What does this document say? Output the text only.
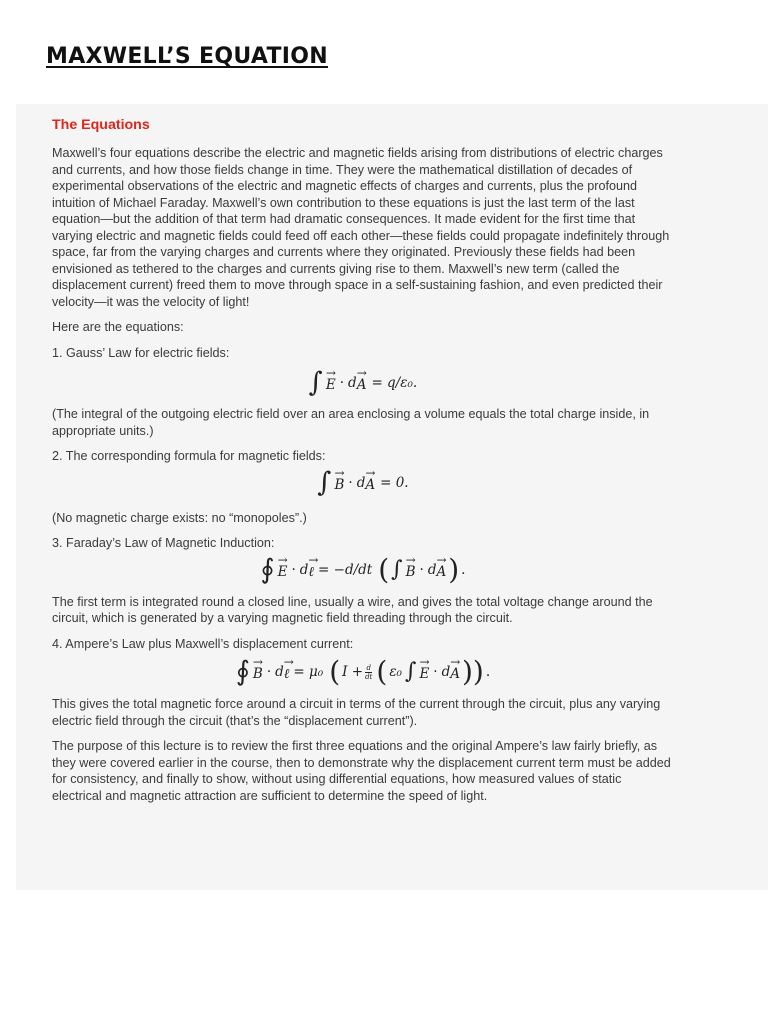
MAXWELL’S EQUATION
The Equations

Maxwell’s four equations describe the electric and magnetic fields arising from distributions of electric charges and currents, and how those fields change in time. They were the mathematical distillation of decades of experimental observations of the electric and magnetic effects of charges and currents, plus the profound intuition of Michael Faraday. Maxwell’s own contribution to these equations is just the last term of the last equation—but the addition of that term had dramatic consequences. It made evident for the first time that varying electric and magnetic fields could feed off each other—these fields could propagate indefinitely through space, far from the varying charges and currents where they originated. Previously these fields had been envisioned as tethered to the charges and currents giving rise to them. Maxwell’s new term (called the displacement current) freed them to move through space in a self-sustaining fashion, and even predicted their velocity—it was the velocity of light!

Here are the equations:

1. Gauss’ Law for electric fields:

∫ → E · d → A = q/ε₀.

(The integral of the outgoing electric field over an area enclosing a volume equals the total charge inside, in appropriate units.)

2. The corresponding formula for magnetic fields:

∫ → B · d → A = 0.

(No magnetic charge exists: no “monopoles”.)

3. Faraday’s Law of Magnetic Induction:

∮ → E · d → ℓ = −d/dt ( ∫ → B · d → A ) .

The first term is integrated round a closed line, usually a wire, and gives the total voltage change around the circuit, which is generated by a varying magnetic field threading through the circuit.

4. Ampere’s Law plus Maxwell’s displacement current:

∮ → B · d → ℓ = μ₀ ( $I + \frac{d}{dt}$ ( ε₀ ∫ → E · d → A )) .

This gives the total magnetic force around a circuit in terms of the current through the circuit, plus any varying electric field through the circuit (that’s the “displacement current”).

The purpose of this lecture is to review the first three equations and the original Ampere’s law fairly briefly, as they were covered earlier in the course, then to demonstrate why the displacement current term must be added for consistency, and finally to show, without using differential equations, how measured values of static electrical and magnetic attraction are sufficient to determine the speed of light.
